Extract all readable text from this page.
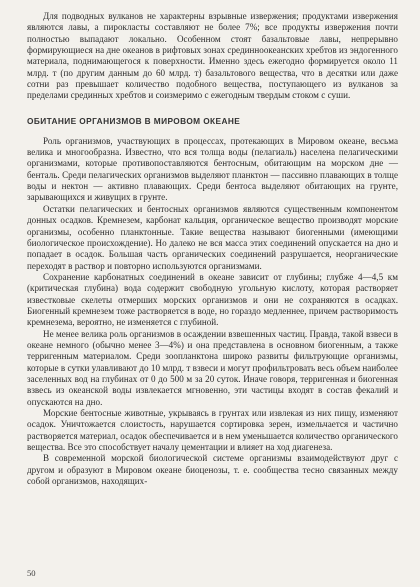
Для подводных вулканов не характерны взрывные извержения; продуктами извержения являются лавы, а пирокласты составляют не более 7%; все продукты извержения почти полностью выпадают локально. Особенном стоят базальтовые лавы, непрерывно формирующиеся на дне океанов в рифтовых зонах срединноокеанских хребтов из эндогенного материала, поднимающегося к поверхности. Именно здесь ежегодно формируется около 11 млрд. т (по другим данным до 60 млрд. т) базальтового вещества, что в десятки или даже сотни раз превышает количество подобного вещества, поступающего из вулканов за пределами срединных хребтов и соизмеримо с ежегодным твердым стоком с суши.

ОБИТАНИЕ ОРГАНИЗМОВ В МИРОВОМ ОКЕАНЕ

Роль организмов, участвующих в процессах, протекающих в Мировом океане, весьма велика и многообразна. Известно, что вся толща воды (пелагиаль) населена пелагическими организмами, которые противопоставляются бентосным, обитающим на морском дне — бенталь. Среди пелагических организмов выделяют планктон — пассивно плавающих в толще воды и нектон — активно плавающих. Среди бентоса выделяют обитающих на грунте, зарывающихся и живущих в грунте.

Остатки пелагических и бентосных организмов являются существенным компонентом донных осадков. Кремнезем, карбонат кальция, органическое вещество производят морские организмы, особенно планктонные. Такие вещества называют биогенными (имеющими биологическое происхождение). Но далеко не вся масса этих соединений опускается на дно и попадает в осадок. Большая часть органических соединений разрушается, неорганические переходят в раствор и повторно используются организмами.

Сохранение карбонатных соединений в океане зависит от глубины; глубже 4—4,5 км (критическая глубина) вода содержит свободную угольную кислоту, которая растворяет известковые скелеты отмерших морских организмов и они не сохраняются в осадках. Биогенный кремнезем тоже растворяется в воде, но гораздо медленнее, причем растворимость кремнезема, вероятно, не изменяется с глубиной.

Не менее велика роль организмов в осаждении взвешенных частиц. Правда, такой взвеси в океане немного (обычно менее 3—4%) и она представлена в основном биогенным, а также терригенным материалом. Среди зоопланктона широко развиты фильтрующие организмы, которые в сутки улавливают до 10 млрд. т взвеси и могут профильтровать весь объем наиболее заселенных вод на глубинах от 0 до 500 м за 20 суток. Иначе говоря, терригенная и биогенная взвесь из океанской воды извлекается мгновенно, эти частицы входят в состав фекалий и опускаются на дно.

Морские бентосные животные, укрываясь в грунтах или извлекая из них пищу, изменяют осадок. Уничтожается слоистость, нарушается сортировка зерен, измельчается и частично растворяется материал, осадок обеспечивается и в нем уменьшается количество органического вещества. Все это способствует началу цементации и влияет на ход диагенеза.

В современной морской биологической системе организмы взаимодействуют друг с другом и образуют в Мировом океане биоценозы, т. е. сообщества тесно связанных между собой организмов, находящих-

50
